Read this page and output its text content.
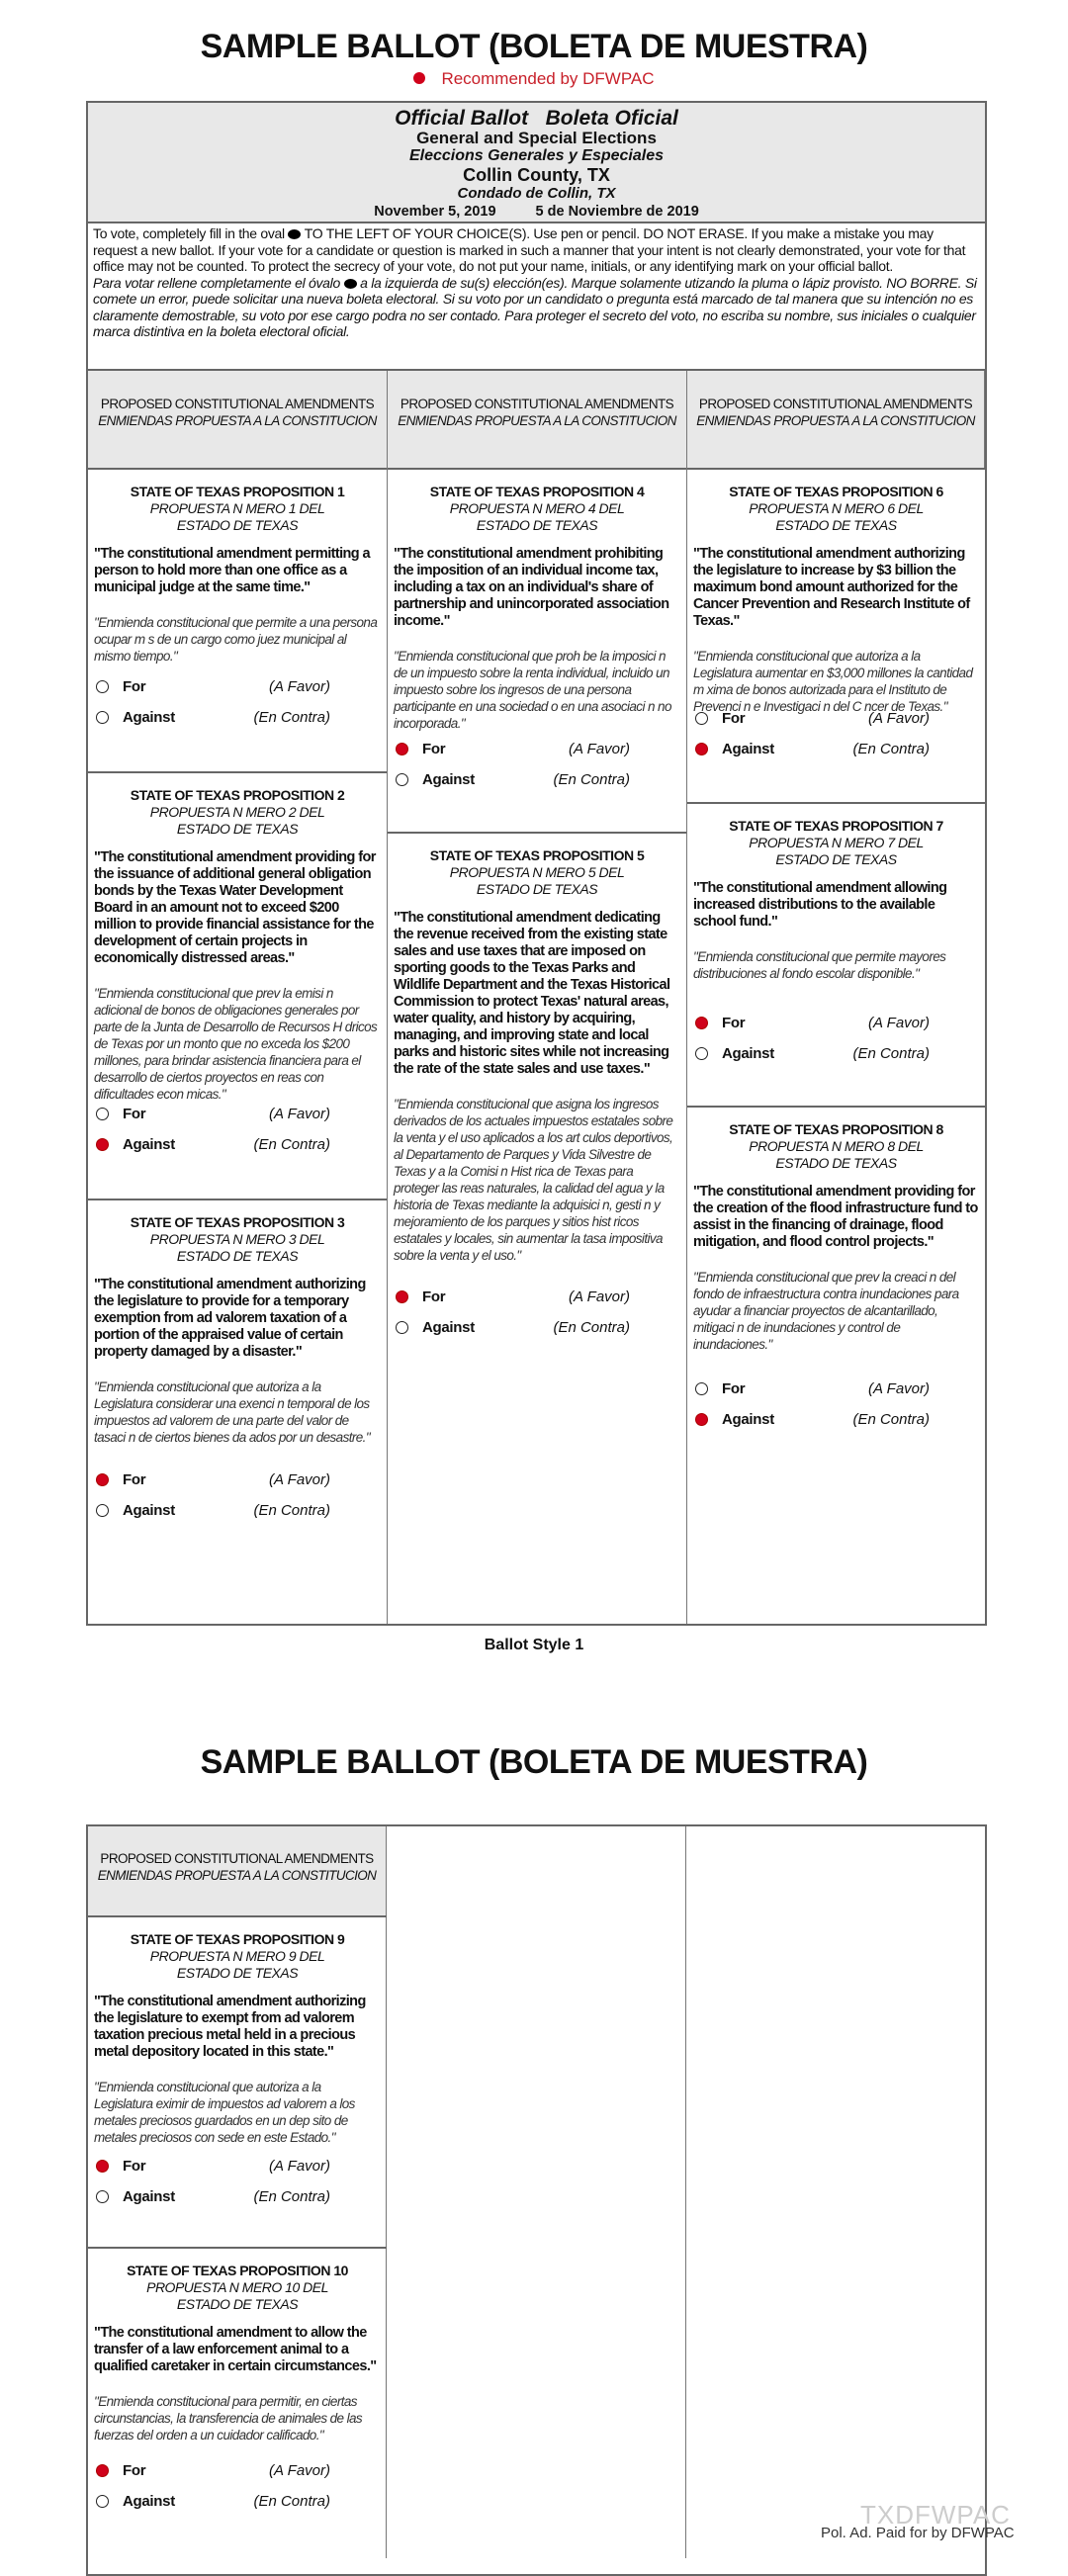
SAMPLE BALLOT (BOLETA DE MUESTRA)
Recommended by DFWPAC
Official Ballot   Boleta Oficial
General and Special Elections
Eleccions Generales y Especiales
Collin County, TX
Condado de Collin, TX
November 5, 2019	5 de Noviembre de 2019
To vote, completely fill in the oval TO THE LEFT OF YOUR CHOICE(S). Use pen or pencil. DO NOT ERASE. If you make a mistake you may request a new ballot. If your vote for a candidate or question is marked in such a manner that your intent is not clearly demonstrated, your vote for that office may not be counted. To protect the secrecy of your vote, do not put your name, initials, or any identifying mark on your official ballot.
Para votar rellene completamente el óvalo a la izquierda de su(s) elección(es). Marque solamente utizando la pluma o lápiz provisto. NO BORRE. Si comete un error, puede solicitar una nueva boleta electoral. Si su voto por un candidato o pregunta está marcado de tal manera que su intención no es claramente demostrable, su voto por ese cargo podra no ser contado. Para proteger el secreto del voto, no escriba su nombre, sus iniciales o cualquier marca distintiva en la boleta electoral oficial.
PROPOSED CONSTITUTIONAL AMENDMENTS
ENMIENDAS PROPUESTA A LA CONSTITUCION
PROPOSED CONSTITUTIONAL AMENDMENTS
ENMIENDAS PROPUESTA A LA CONSTITUCION
PROPOSED CONSTITUTIONAL AMENDMENTS
ENMIENDAS PROPUESTA A LA CONSTITUCION
Ballot Style 1
SAMPLE BALLOT (BOLETA DE MUESTRA)
PROPOSED CONSTITUTIONAL AMENDMENTS
ENMIENDAS PROPUESTA A LA CONSTITUCION
STATE OF TEXAS PROPOSITION 1
PROPUESTA N MERO 1 DEL ESTADO DE TEXAS
"The constitutional amendment permitting a person to hold more than one office as a municipal judge at the same time."
"Enmienda constitucional que permite a una persona ocupar m s de un cargo como juez municipal al mismo tiempo."
For	(A Favor)
Against	(En Contra)
STATE OF TEXAS PROPOSITION 2
PROPUESTA N MERO 2 DEL ESTADO DE TEXAS
"The constitutional amendment providing for the issuance of additional general obligation bonds by the Texas Water Development Board in an amount not to exceed $200 million to provide financial assistance for the development of certain projects in economically distressed areas."
"Enmienda constitucional que prev la emisi n adicional de bonos de obligaciones generales por parte de la Junta de Desarrollo de Recursos H dricos de Texas por un monto que no exceda los $200 millones, para brindar asistencia financiera para el desarrollo de ciertos proyectos en reas con dificultades econ micas."
For	(A Favor)
Against	(En Contra)
STATE OF TEXAS PROPOSITION 3
PROPUESTA N MERO 3 DEL ESTADO DE TEXAS
"The constitutional amendment authorizing the legislature to provide for a temporary exemption from ad valorem taxation of a portion of the appraised value of certain property damaged by a disaster."
"Enmienda constitucional que autoriza a la Legislatura considerar una exenci n temporal de los impuestos ad valorem de una parte del valor de tasaci n de ciertos bienes da ados por un desastre."
For	(A Favor)
Against	(En Contra)
STATE OF TEXAS PROPOSITION 4
PROPUESTA N MERO 4 DEL ESTADO DE TEXAS
"The constitutional amendment prohibiting the imposition of an individual income tax, including a tax on an individual's share of partnership and unincorporated association income."
"Enmienda constitucional que proh be la imposici n de un impuesto sobre la renta individual, incluido un impuesto sobre los ingresos de una persona participante en una sociedad o en una asociaci n no incorporada."
For	(A Favor)
Against	(En Contra)
STATE OF TEXAS PROPOSITION 5
PROPUESTA N MERO 5 DEL ESTADO DE TEXAS
"The constitutional amendment dedicating the revenue received from the existing state sales and use taxes that are imposed on sporting goods to the Texas Parks and Wildlife Department and the Texas Historical Commission to protect Texas' natural areas, water quality, and history by acquiring, managing, and improving state and local parks and historic sites while not increasing the rate of the state sales and use taxes."
"Enmienda constitucional que asigna los ingresos derivados de los actuales impuestos estatales sobre la venta y el uso aplicados a los art culos deportivos, al Departamento de Parques y Vida Silvestre de Texas y a la Comisi n Hist rica de Texas para proteger las reas naturales, la calidad del agua y la historia de Texas mediante la adquisici n, gesti n y mejoramiento de los parques y sitios hist ricos estatales y locales, sin aumentar la tasa impositiva sobre la venta y el uso."
For	(A Favor)
Against	(En Contra)
STATE OF TEXAS PROPOSITION 6
PROPUESTA N MERO 6 DEL ESTADO DE TEXAS
"The constitutional amendment authorizing the legislature to increase by $3 billion the maximum bond amount authorized for the Cancer Prevention and Research Institute of Texas."
"Enmienda constitucional que autoriza a la Legislatura aumentar en $3,000 millones la cantidad m xima de bonos autorizada para el Instituto de Prevenci n e Investigaci n del C ncer de Texas."
For	(A Favor)
Against	(En Contra)
STATE OF TEXAS PROPOSITION 7
PROPUESTA N MERO 7 DEL ESTADO DE TEXAS
"The constitutional amendment allowing increased distributions to the available school fund."
"Enmienda constitucional que permite mayores distribuciones al fondo escolar disponible."
For	(A Favor)
Against	(En Contra)
STATE OF TEXAS PROPOSITION 8
PROPUESTA N MERO 8 DEL ESTADO DE TEXAS
"The constitutional amendment providing for the creation of the flood infrastructure fund to assist in the financing of drainage, flood mitigation, and flood control projects."
"Enmienda constitucional que prev la creaci n del fondo de infraestructura contra inundaciones para ayudar a financiar proyectos de alcantarillado, mitigaci n de inundaciones y control de inundaciones."
For	(A Favor)
Against	(En Contra)
STATE OF TEXAS PROPOSITION 9
PROPUESTA N MERO 9 DEL ESTADO DE TEXAS
"The constitutional amendment authorizing the legislature to exempt from ad valorem taxation precious metal held in a precious metal depository located in this state."
"Enmienda constitucional que autoriza a la Legislatura eximir de impuestos ad valorem a los metales preciosos guardados en un dep sito de metales preciosos con sede en este Estado."
For	(A Favor)
Against	(En Contra)
STATE OF TEXAS PROPOSITION 10
PROPUESTA N MERO 10 DEL ESTADO DE TEXAS
"The constitutional amendment to allow the transfer of a law enforcement animal to a qualified caretaker in certain circumstances."
"Enmienda constitucional para permitir, en ciertas circunstancias, la transferencia de animales de las fuerzas del orden a un cuidador calificado."
For	(A Favor)
Against	(En Contra)	TXDFWPAC
Pol. Ad. Paid for by DFWPAC
